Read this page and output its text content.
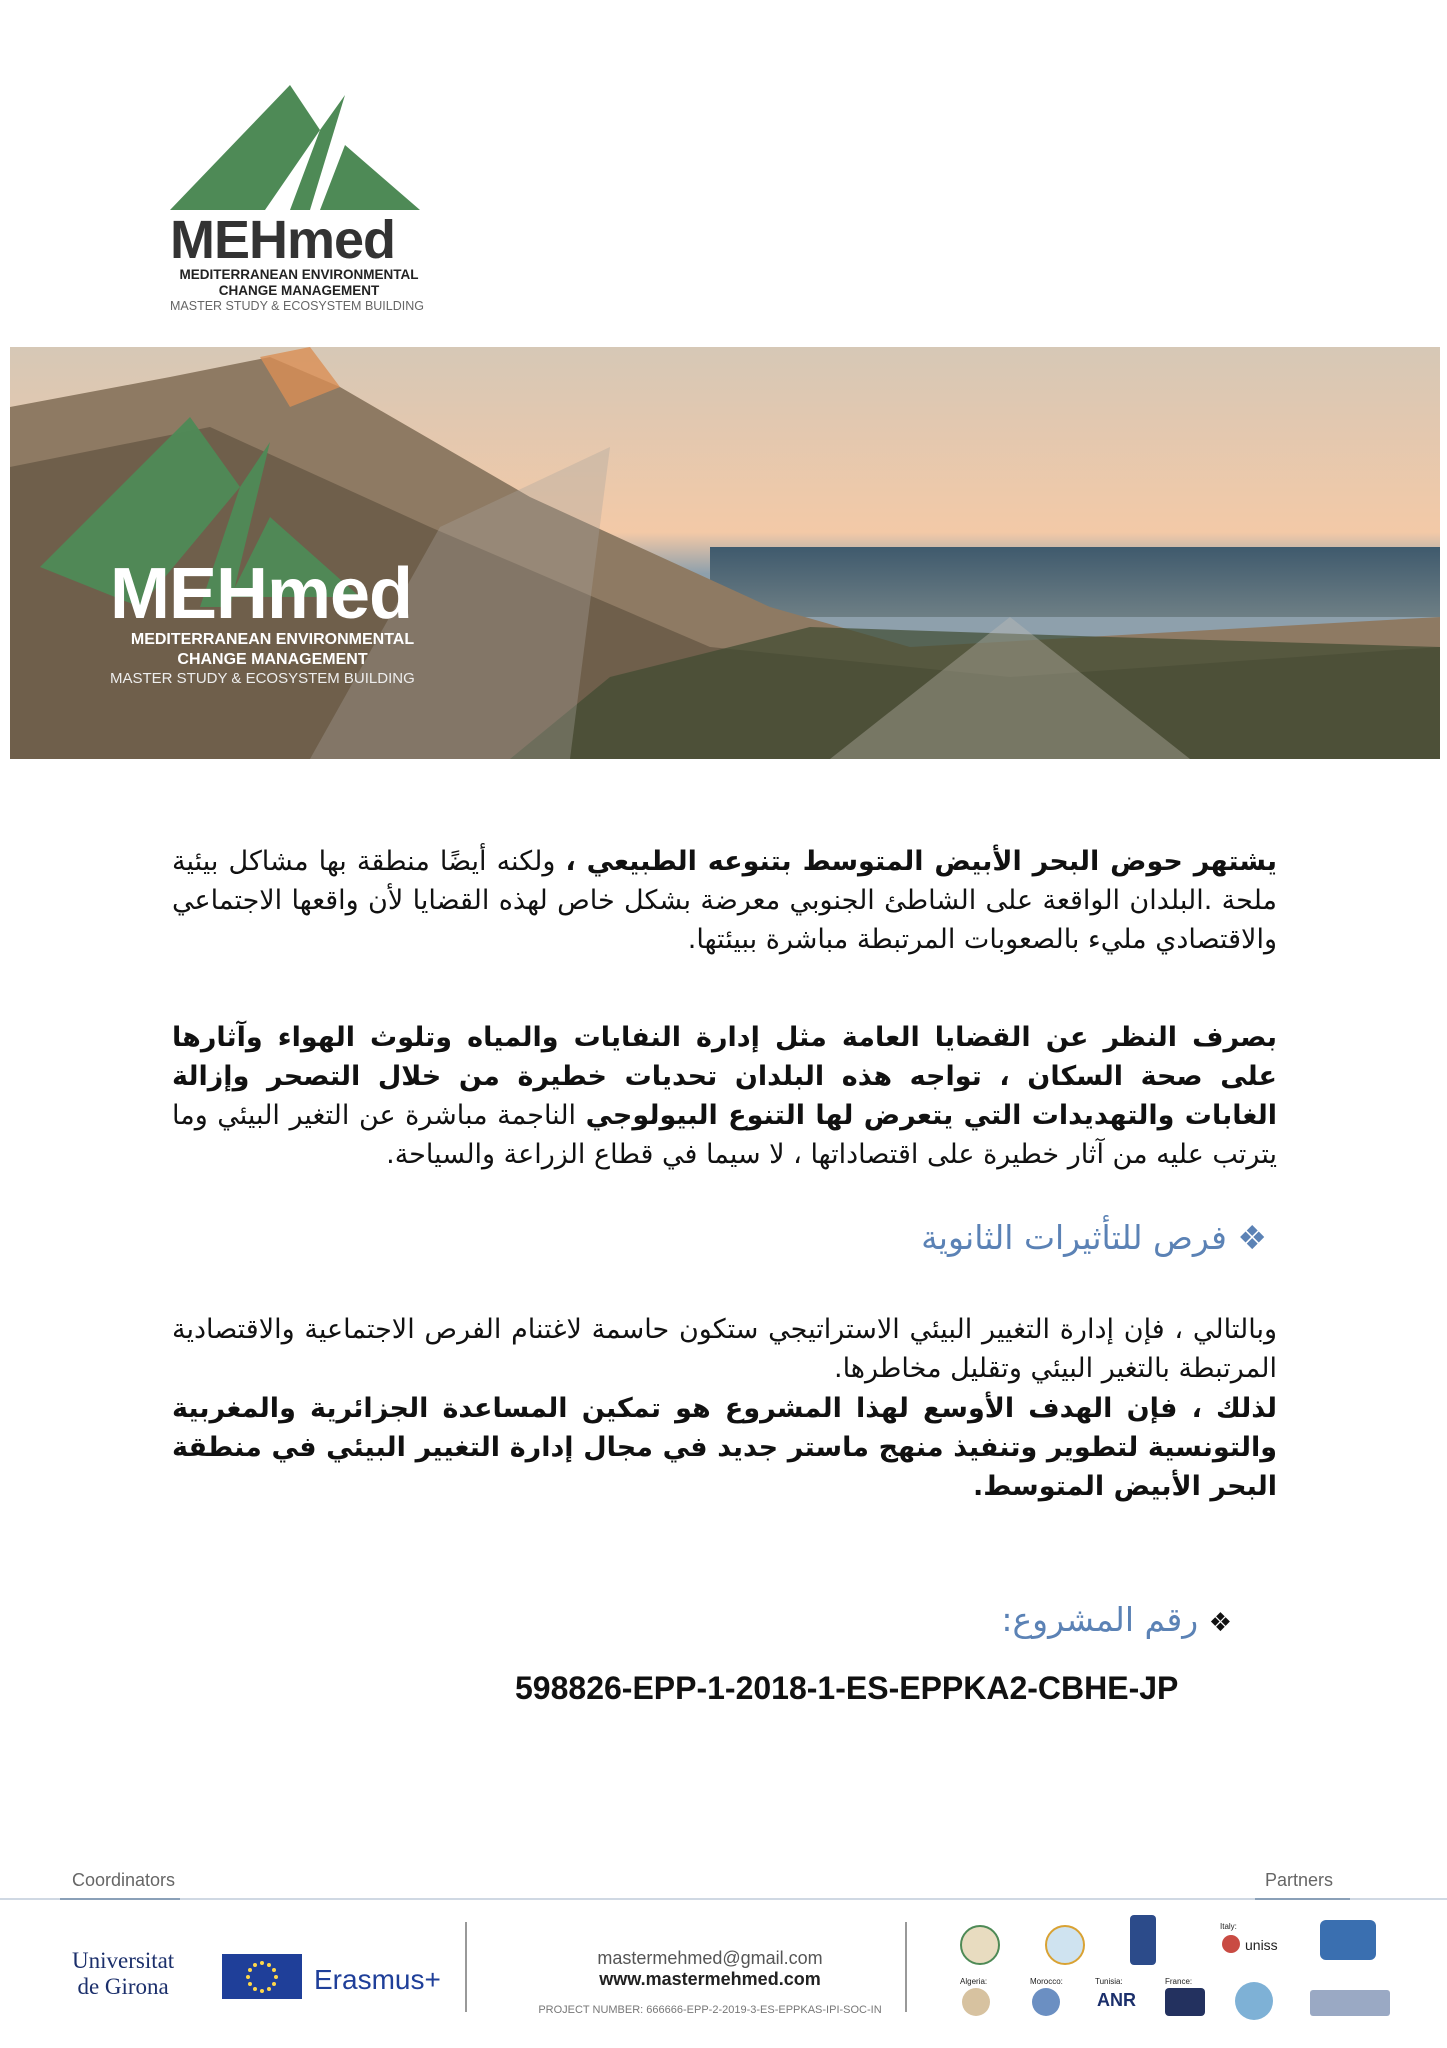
MEHmed
MEDITERRANEAN ENVIRONMENTAL
CHANGE MANAGEMENT
MASTER STUDY & ECOSYSTEM BUILDING
MEHmed
MEDITERRANEAN ENVIRONMENTAL
CHANGE MANAGEMENT
MASTER STUDY & ECOSYSTEM BUILDING
يشتهر حوض البحر الأبيض المتوسط بتنوعه الطبيعي ، ولكنه أيضًا منطقة بها مشاكل بيئية ملحة .البلدان الواقعة على الشاطئ الجنوبي معرضة بشكل خاص لهذه القضايا لأن واقعها الاجتماعي والاقتصادي مليء بالصعوبات المرتبطة مباشرة ببيئتها.
بصرف النظر عن القضايا العامة مثل إدارة النفايات والمياه وتلوث الهواء وآثارها على صحة السكان ، تواجه هذه البلدان تحديات خطيرة من خلال التصحر وإزالة الغابات والتهديدات التي يتعرض لها التنوع البيولوجي الناجمة مباشرة عن التغير البيئي وما يترتب عليه من آثار خطيرة على اقتصاداتها ، لا سيما في قطاع الزراعة والسياحة.
❖ فرص للتأثيرات الثانوية
وبالتالي ، فإن إدارة التغيير البيئي الاستراتيجي ستكون حاسمة لاغتنام الفرص الاجتماعية والاقتصادية المرتبطة بالتغير البيئي وتقليل مخاطرها.
لذلك ، فإن الهدف الأوسع لهذا المشروع هو تمكين المساعدة الجزائرية والمغربية والتونسية لتطوير وتنفيذ منهج ماستر جديد في مجال إدارة التغيير البيئي في منطقة البحر الأبيض المتوسط.
❖ رقم المشروع:
598826-EPP-1-2018-1-ES-EPPKA2-CBHE-JP
Coordinators	Partners
Universitat
de Girona	Erasmus+
mastermehmed@gmail.com
www.mastermehmed.com
PROJECT NUMBER: 666666-EPP-2-2019-3-ES-EPPKAS-IPI-SOC-IN
Italy:
uniss
Algeria:	Morocco:	Tunisia:
ANR
France:
